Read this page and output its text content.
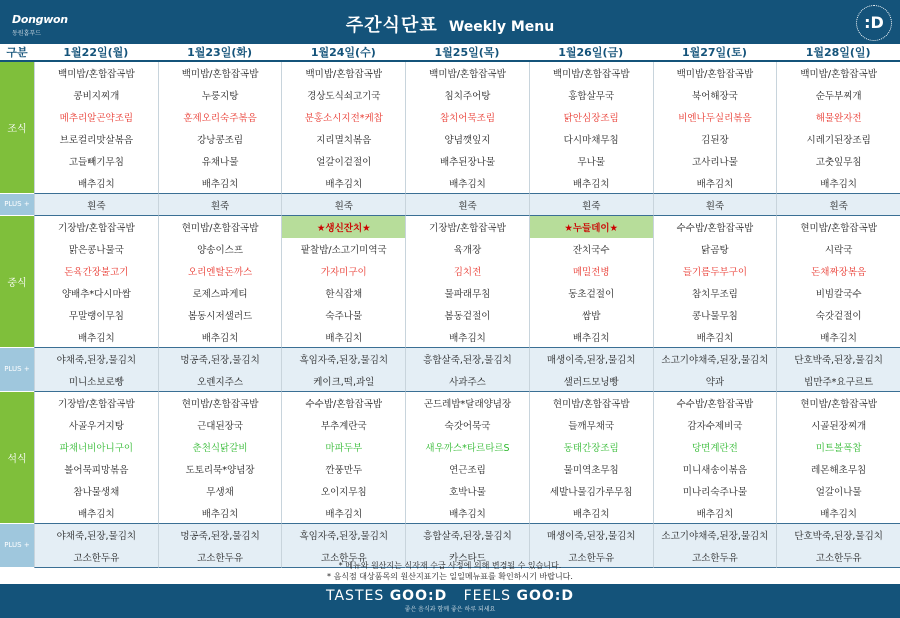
Dongwon
동원홈푸드	주간식단표 Weekly Menu	:D
구분	1월22일(월)	1월23일(화)	1월24일(수)	1월25일(목)	1월26일(금)	1월27일(토)	1월28일(일)
조식
백미밥/혼합잡곡밥	백미밥/혼합잡곡밥	백미밥/혼합잡곡밥	백미밥/혼합잡곡밥	백미밥/혼합잡곡밥	백미밥/혼합잡곡밥	백미밥/혼합잡곡밥
콩비지찌개	누룽지탕	경상도식쇠고기국	침치주어탕	홍합살무국	북어해장국	순두부찌개
메추리알곤약조림	훈제오리숙주볶음	분홍소시지전*케찹	참치어묵조림	닭안심장조림	비엔나두실리볶음	해물완자전
브로컬리맛살볶음	강낭콩조림	지리멸치볶음	양념깻잎지	다시마채무침	김된장	시레기된장조림
고들빼기무침	유채나물	얼갈이겉절이	배추된장나물	무나물	고사리나물	고춧잎무침
배추김치	배추김치	배추김치	배추김치	배추김치	배추김치	배추김치
PLUS +	흰죽	흰죽	흰죽	흰죽	흰죽	흰죽	흰죽
중식
기장밥/혼합잡곡밥	현미밥/혼합잡곡밥	★생신잔치★	기장밥/혼합잡곡밥	★누들데이★	수수밥/혼합잡곡밥	현미밥/혼합잡곡밥
맑은콩나물국	양송이스프	팥찰밥/소고기미역국	육개장	잔치국수	닭곰탕	시락국
돈육간장불고기	오리엔탈돈까스	가자미구이	김치전	메밀전병	들기름두부구이	돈채짜장볶음
양배추*다시마쌈	로제스파게티	한식잡채	물파래무침	동초겉절이	참치무조림	비빔칼국수
무말랭이무침	봄동시저샐러드	숙주나물	봄동겉절이	쌈밥	콩나물무침	숙갓겉절이
배추김치	배추김치	배추김치	배추김치	배추김치	배추김치	배추김치
PLUS +
야채죽,된장,물김치	멍공죽,된장,물김치	흑임자죽,된장,물김치	흥합살죽,된장,물김치	매생이죽,된장,물김치	소고기야채죽,된장,물김치	단호박죽,된장,물김치
미니소보로빵	오렌지주스	케이크,떡,과일	사과주스	샐러드모닝빵	약과	빕만주*요구르트
석식
기장밥/혼합잡곡밥	현미밥/혼합잡곡밥	수수밥/혼합잡곡밥	곤드레밥*달래양념장	현미밥/혼합잡곡밥	수수밥/혼합잡곡밥	현미밥/혼합잡곡밥
사골우거지탕	근대된장국	부추계란국	숙갓어묵국	들깨무채국	감자수제비국	시골된장찌개
파채너비아니구이	춘천식닭갈비	마파두부	새우까스*타르타르S	동태간장조림	당면계란전	미트볼폭찹
볼어묵피망볶음	도토리묵*양념장	깐풍만두	연근조림	물미역초무침	미니새송이볶음	레몬해초무침
참나물생채	무생채	오이지무침	호박나물	세발나물김가루무침	미나리숙주나물	얼갈이나물
배추김치	배추김치	배추김치	배추김치	배추김치	배추김치	배추김치
PLUS +
야채죽,된장,물김치	멍공죽,된장,물김치	흑임자죽,된장,물김치	흥합살죽,된장,물김치	매생이죽,된장,물김치	소고기야채죽,된장,물김치	단호박죽,된장,물김치
고소한두유	고소한두유	고소한두유	카스타드	고소한두유	고소한두유	고소한두유
* 메뉴와 원산지는 식자재 수급 사정에 의해 변경될 수 있습니다.
* 음식점 대상품목의 원산지표기는 일일메뉴표를 확인하시기 바랍니다.
TASTES GOO:D FEELS GOO:D
좋은 음식과 함께 좋은 하루 되세요
